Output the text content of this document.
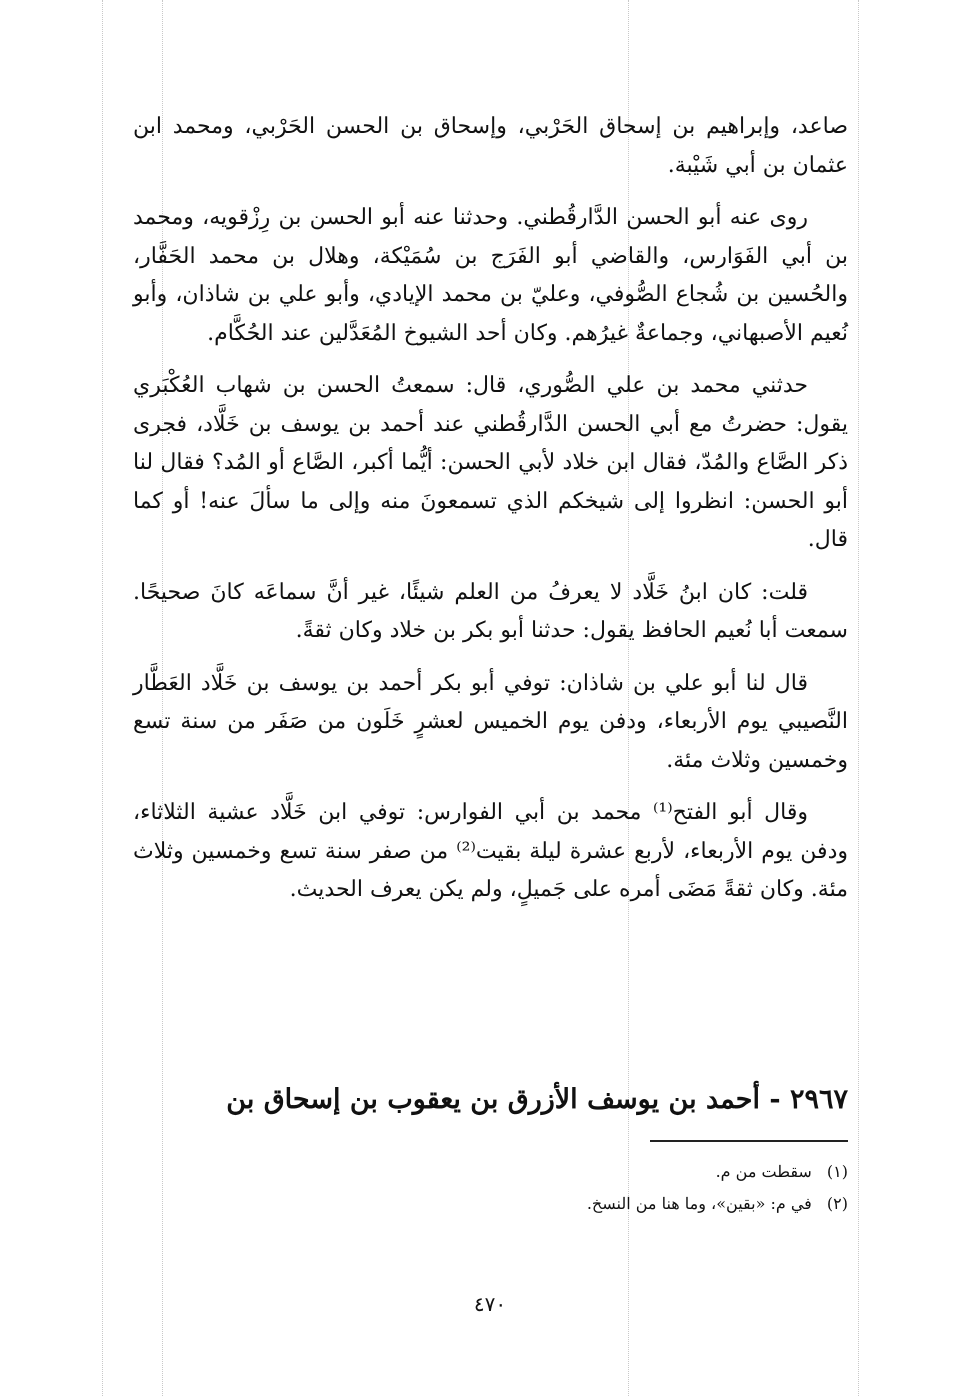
صاعد، وإبراهيم بن إسحاق الحَرْبي، وإسحاق بن الحسن الحَرْبي، ومحمد ابن عثمان بن أبي شَيْبة.

روى عنه أبو الحسن الدَّارقُطني. وحدثنا عنه أبو الحسن بن رِزْقويه، ومحمد بن أبي الفَوَارس، والقاضي أبو الفَرَج بن سُمَيْكة، وهلال بن محمد الحَفَّار، والحُسين بن شُجاع الصُّوفي، وعليّ بن محمد الإيادي، وأبو علي بن شاذان، وأبو نُعيم الأصبهاني، وجماعةٌ غيرُهم. وكان أحد الشيوخ المُعَدَّلين عند الحُكَّام.

حدثني محمد بن علي الصُّوري، قال: سمعتُ الحسن بن شهاب العُكْبَري يقول: حضرتُ مع أبي الحسن الدَّارقُطني عند أحمد بن يوسف بن خَلَّاد، فجرى ذكر الصَّاع والمُدّ، فقال ابن خلاد لأبي الحسن: أيُّما أكبر، الصَّاع أو المُد؟ فقال لنا أبو الحسن: انظروا إلى شيخكم الذي تسمعونَ منه وإلى ما سألَ عنه! أو كما قال.

قلت: كان ابنُ خَلَّاد لا يعرفُ من العلم شيئًا، غير أنَّ سماعَه كانَ صحيحًا. سمعت أبا نُعيم الحافظ يقول: حدثنا أبو بكر بن خلاد وكان ثقةً.

قال لنا أبو علي بن شاذان: توفي أبو بكر أحمد بن يوسف بن خَلَّاد العَطَّار النَّصيبي يوم الأربعاء، ودفن يوم الخميس لعشرٍ خَلَون من صَفَر من سنة تسع وخمسين وثلاث مئة.

وقال أبو الفتح⁽¹⁾ محمد بن أبي الفوارس: توفي ابن خَلَّاد عشية الثلاثاء، ودفن يوم الأربعاء، لأربع عشرة ليلة بقيت⁽²⁾ من صفر سنة تسع وخمسين وثلاث مئة. وكان ثقةً مَضَى أمره على جَميلٍ، ولم يكن يعرف الحديث.

٢٩٦٧ - أحمد بن يوسف الأزرق بن يعقوب بن إسحاق بن
(١) سقطت من م.
(٢) في م: «بقين»، وما هنا من النسخ.
٤٧٠
